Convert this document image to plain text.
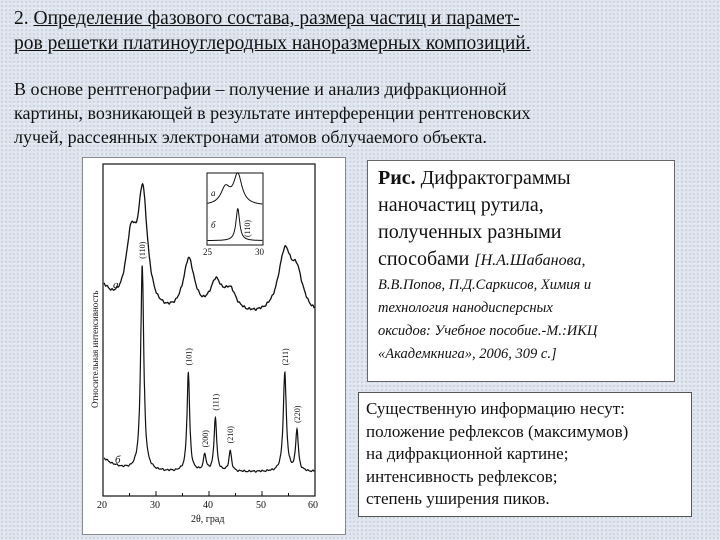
2. Определение фазового состава, размера частиц и парамет-
ров решетки платиноуглеродных наноразмерных композиций.
В основе рентгенографии – получение и анализ дифракционной
картины, возникающей в результате интерференции рентгеновских
лучей, рассеянных электронами атомов облучаемого объекта.
(110)
(101)
(200)
(111)
(210)
(211)
(220)
а
б
а
б	(110)
25	30
Относительная интенсивность
20	30	40	50	60
2θ, град
Рис. Дифрактограммы
наночастиц рутила,
полученных разными
способами [Н.А.Шабанова,
В.В.Попов, П.Д.Саркисов, Химия и
технология нанодисперсных
оксидов: Учебное пособие.-М.:ИКЦ
«Академкнига», 2006, 309 с.]
Существенную информацию несут:
положение рефлексов (максимумов)
на дифракционной картине;
интенсивность рефлексов;
степень уширения пиков.
